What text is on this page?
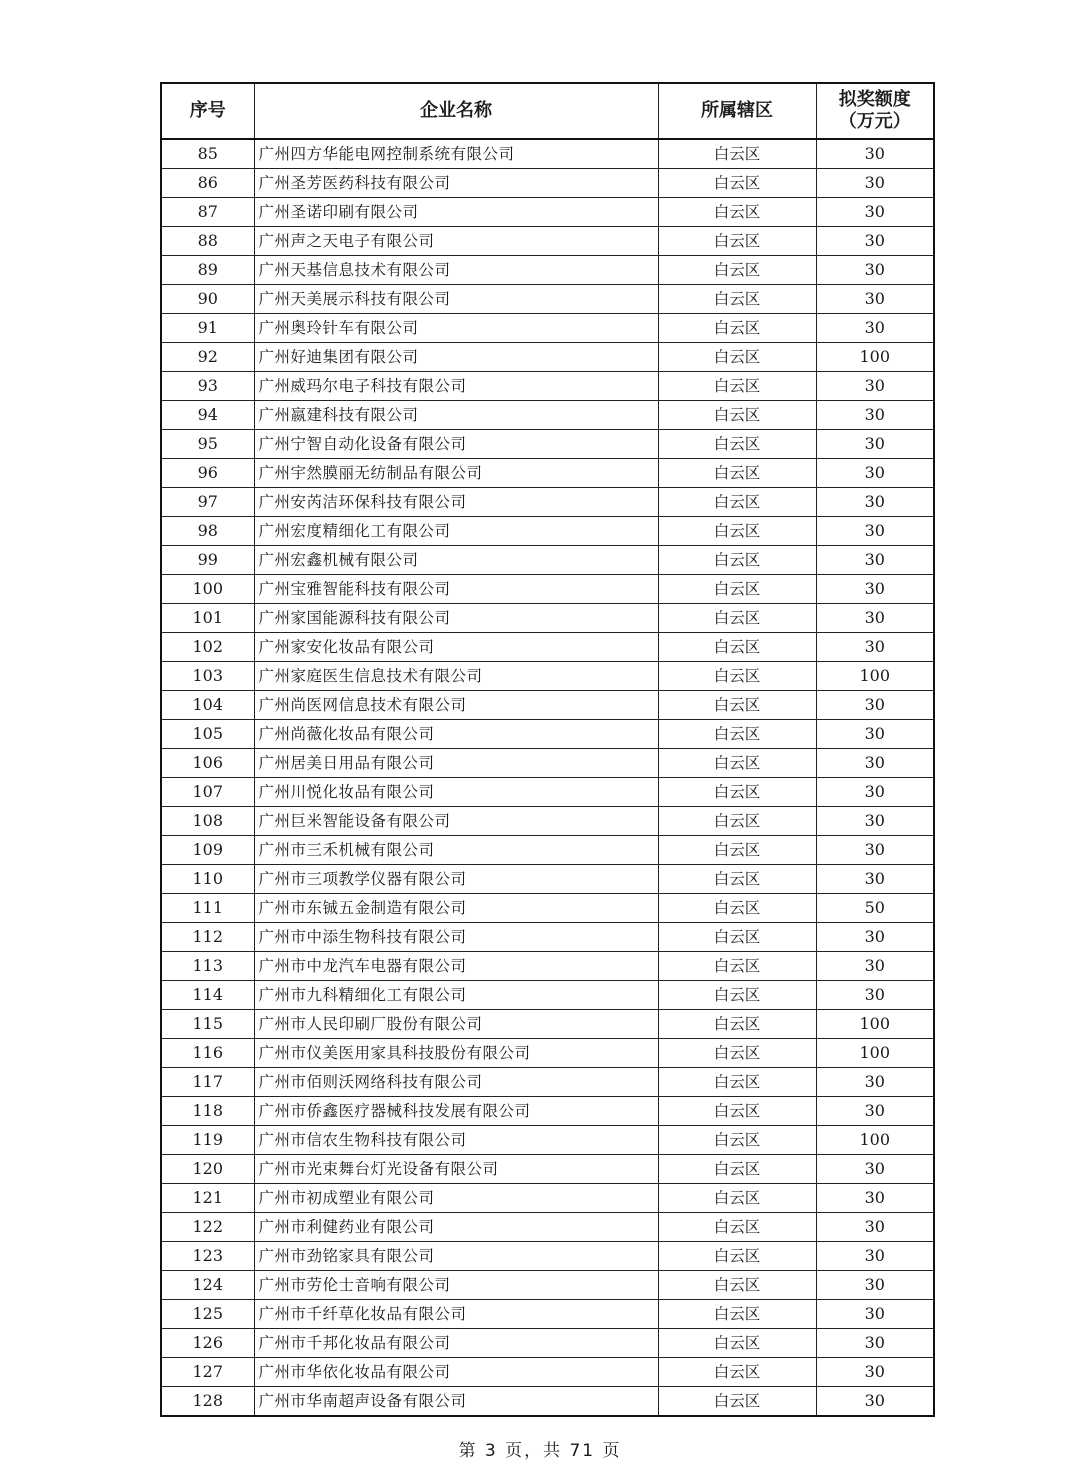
序号	企业名称	所属辖区	拟奖额度
（万元）

85	广州四方华能电网控制系统有限公司	白云区	30
86	广州圣芳医药科技有限公司	白云区	30
87	广州圣诺印刷有限公司	白云区	30
88	广州声之天电子有限公司	白云区	30
89	广州天基信息技术有限公司	白云区	30
90	广州天美展示科技有限公司	白云区	30
91	广州奥玲针车有限公司	白云区	30
92	广州好迪集团有限公司	白云区	100
93	广州威玛尔电子科技有限公司	白云区	30
94	广州嬴建科技有限公司	白云区	30
95	广州宁智自动化设备有限公司	白云区	30
96	广州宇然膜丽无纺制品有限公司	白云区	30
97	广州安芮洁环保科技有限公司	白云区	30
98	广州宏度精细化工有限公司	白云区	30
99	广州宏鑫机械有限公司	白云区	30
100	广州宝雅智能科技有限公司	白云区	30
101	广州家国能源科技有限公司	白云区	30
102	广州家安化妆品有限公司	白云区	30
103	广州家庭医生信息技术有限公司	白云区	100
104	广州尚医网信息技术有限公司	白云区	30
105	广州尚薇化妆品有限公司	白云区	30
106	广州居美日用品有限公司	白云区	30
107	广州川悦化妆品有限公司	白云区	30
108	广州巨米智能设备有限公司	白云区	30
109	广州市三禾机械有限公司	白云区	30
110	广州市三项教学仪器有限公司	白云区	30
111	广州市东铖五金制造有限公司	白云区	50
112	广州市中添生物科技有限公司	白云区	30
113	广州市中龙汽车电器有限公司	白云区	30
114	广州市九科精细化工有限公司	白云区	30
115	广州市人民印刷厂股份有限公司	白云区	100
116	广州市仪美医用家具科技股份有限公司	白云区	100
117	广州市佰则沃网络科技有限公司	白云区	30
118	广州市侨鑫医疗器械科技发展有限公司	白云区	30
119	广州市信农生物科技有限公司	白云区	100
120	广州市光束舞台灯光设备有限公司	白云区	30
121	广州市初成塑业有限公司	白云区	30
122	广州市利健药业有限公司	白云区	30
123	广州市劲铭家具有限公司	白云区	30
124	广州市劳伦士音响有限公司	白云区	30
125	广州市千纤草化妆品有限公司	白云区	30
126	广州市千邦化妆品有限公司	白云区	30
127	广州市华依化妆品有限公司	白云区	30
128	广州市华南超声设备有限公司	白云区	30
第 3 页，共 71 页
